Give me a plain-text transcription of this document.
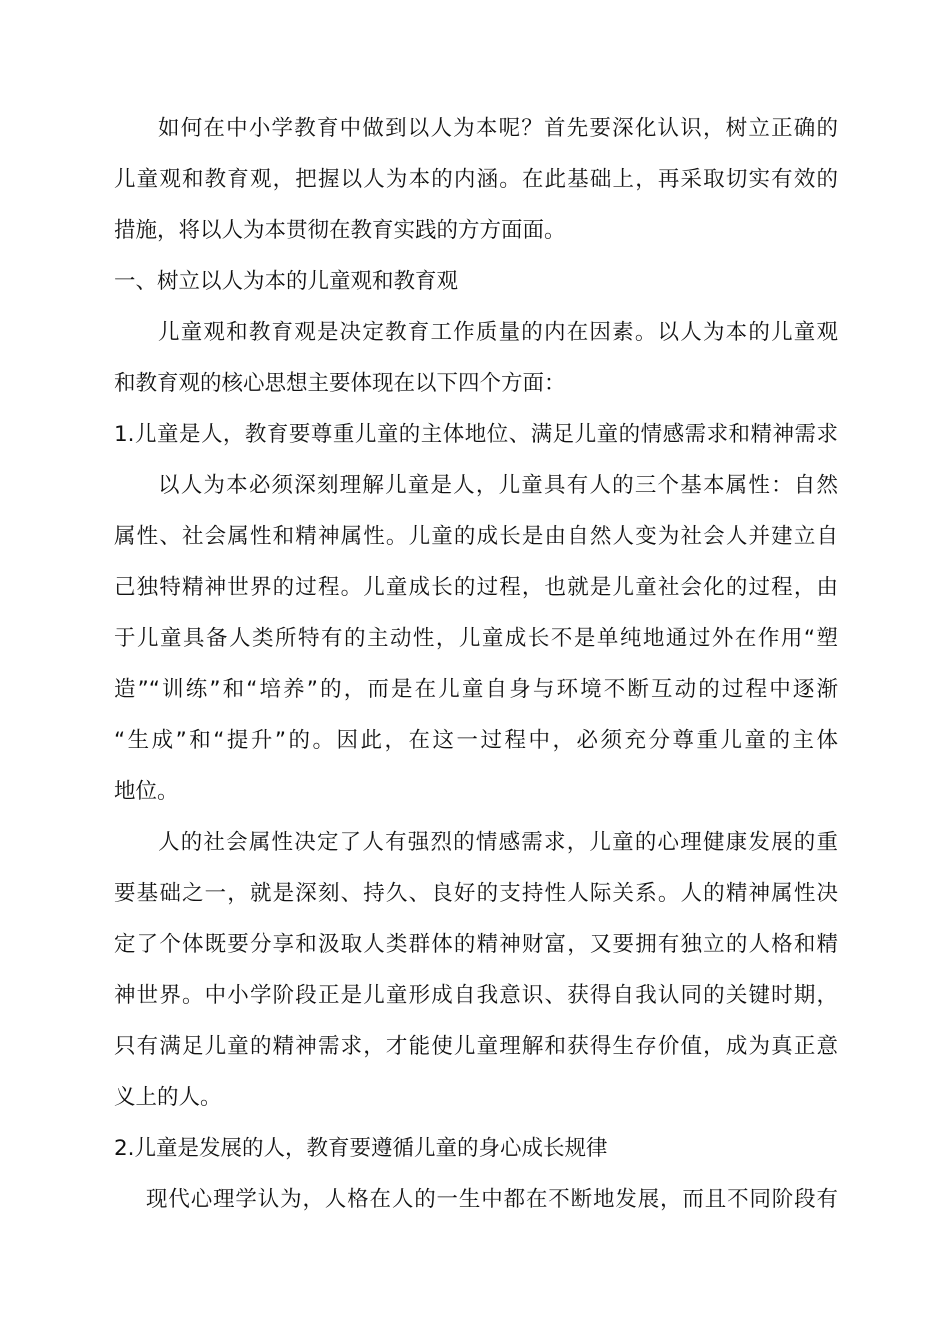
如何在中小学教育中做到以人为本呢？首先要深化认识，树立正确的
儿童观和教育观，把握以人为本的内涵。在此基础上，再采取切实有效的
措施，将以人为本贯彻在教育实践的方方面面。
一、树立以人为本的儿童观和教育观
儿童观和教育观是决定教育工作质量的内在因素。以人为本的儿童观
和教育观的核心思想主要体现在以下四个方面：
1.儿童是人，教育要尊重儿童的主体地位、满足儿童的情感需求和精神需求
以人为本必须深刻理解儿童是人，儿童具有人的三个基本属性：自然
属性、社会属性和精神属性。儿童的成长是由自然人变为社会人并建立自
己独特精神世界的过程。儿童成长的过程，也就是儿童社会化的过程，由
于儿童具备人类所特有的主动性，儿童成长不是单纯地通过外在作用“塑
造”“训练”和“培养”的，而是在儿童自身与环境不断互动的过程中逐渐
“生成”和“提升”的。因此，在这一过程中，必须充分尊重儿童的主体
地位。
人的社会属性决定了人有强烈的情感需求，儿童的心理健康发展的重
要基础之一，就是深刻、持久、良好的支持性人际关系。人的精神属性决
定了个体既要分享和汲取人类群体的精神财富，又要拥有独立的人格和精
神世界。中小学阶段正是儿童形成自我意识、获得自我认同的关键时期，
只有满足儿童的精神需求，才能使儿童理解和获得生存价值，成为真正意
义上的人。
2.儿童是发展的人，教育要遵循儿童的身心成长规律
现代心理学认为，人格在人的一生中都在不断地发展，而且不同阶段有
